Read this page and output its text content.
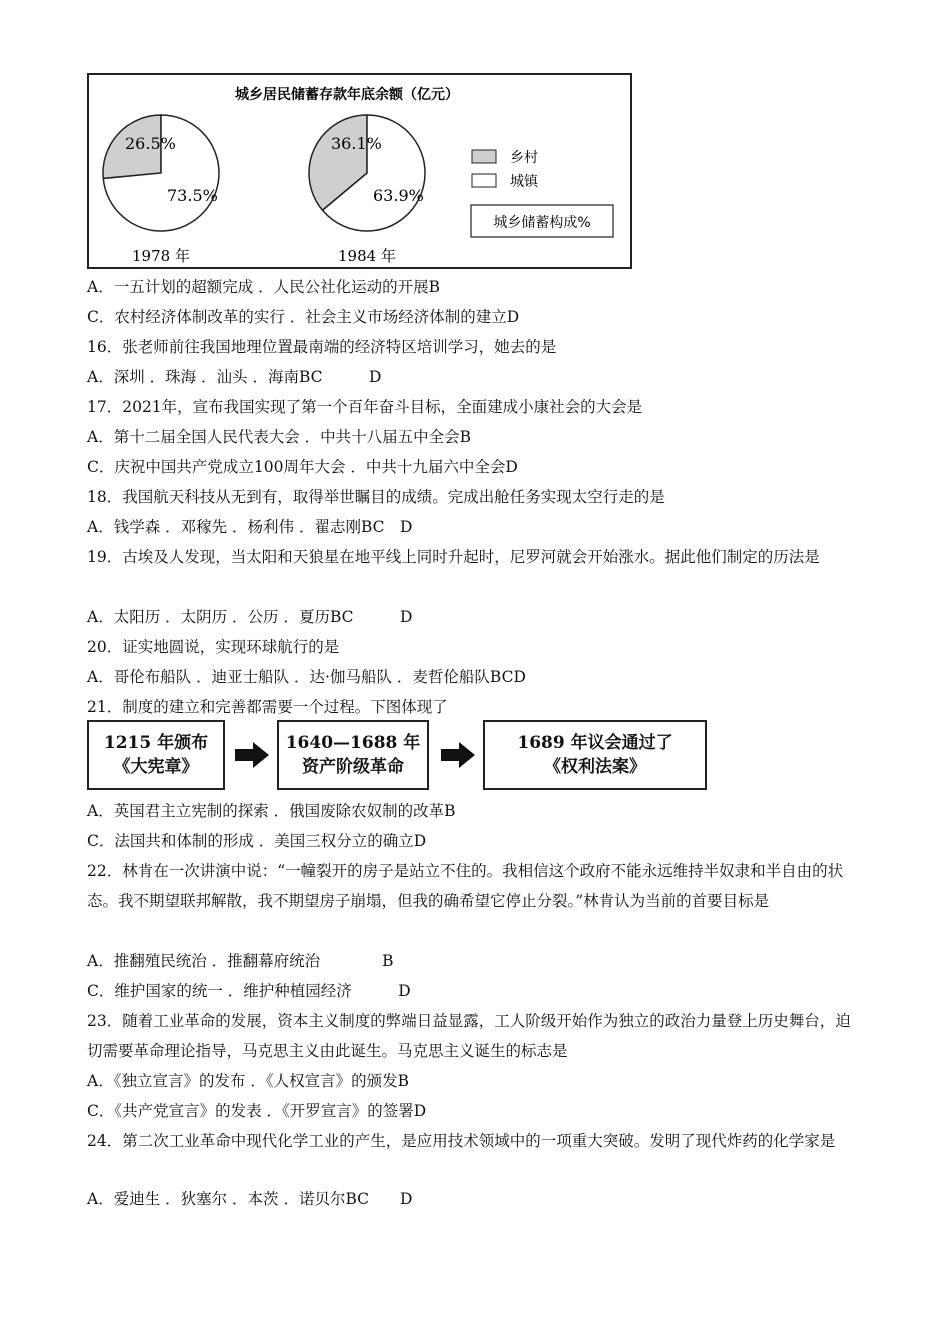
城乡居民储蓄存款年底余额（亿元）
26.5%
73.5%
1978 年
36.1%
63.9%
1984 年
乡村
城镇
城乡储蓄构成%
A．一五计划的超额完成 ．人民公社化运动的开展B
C．农村经济体制改革的实行 ．社会主义市场经济体制的建立D
16．张老师前往我国地理位置最南端的经济特区培训学习，她去的是
A．深圳 ．珠海 ．汕头 ．海南BC　　　D
17．2021年，宣布我国实现了第一个百年奋斗目标，全面建成小康社会的大会是
A．第十二届全国人民代表大会 ．中共十八届五中全会B
C．庆祝中国共产党成立100周年大会 ．中共十九届六中全会D
18．我国航天科技从无到有，取得举世瞩目的成绩。完成出舱任务实现太空行走的是
A．钱学森 ．邓稼先 ．杨利伟 ．翟志刚BC　D
19．古埃及人发现，当太阳和天狼星在地平线上同时升起时，尼罗河就会开始涨水。据此他们制定的历法是
A．太阳历 ．太阴历 ．公历 ．夏历BC　　　D
20．证实地圆说，实现环球航行的是
A．哥伦布船队 ．迪亚士船队 ．达·伽马船队 ．麦哲伦船队BCD
21．制度的建立和完善都需要一个过程。下图体现了
1215 年颁布
《大宪章》
1640—1688 年
资产阶级革命
1689 年议会通过了
《权利法案》
A．英国君主立宪制的探索 ．俄国废除农奴制的改革B
C．法国共和体制的形成 ．美国三权分立的确立D
22．林肯在一次讲演中说：“一幢裂开的房子是站立不住的。我相信这个政府不能永远维持半奴隶和半自由的状态。我不期望联邦解散，我不期望房子崩塌，但我的确希望它停止分裂。”林肯认为当前的首要目标是
A．推翻殖民统治 ．推翻幕府统治　　　　B
C．维护国家的统一 ．维护种植园经济　　　D
23．随着工业革命的发展，资本主义制度的弊端日益显露，工人阶级开始作为独立的政治力量登上历史舞台，迫切需要革命理论指导，马克思主义由此诞生。马克思主义诞生的标志是
A．《独立宣言》的发布 ．《人权宣言》的颁发B
C．《共产党宣言》的发表 ．《开罗宣言》的签署D
24．第二次工业革命中现代化学工业的产生，是应用技术领域中的一项重大突破。发明了现代炸药的化学家是
A．爱迪生 ．狄塞尔 ．本茨 ．诺贝尔BC　　D
